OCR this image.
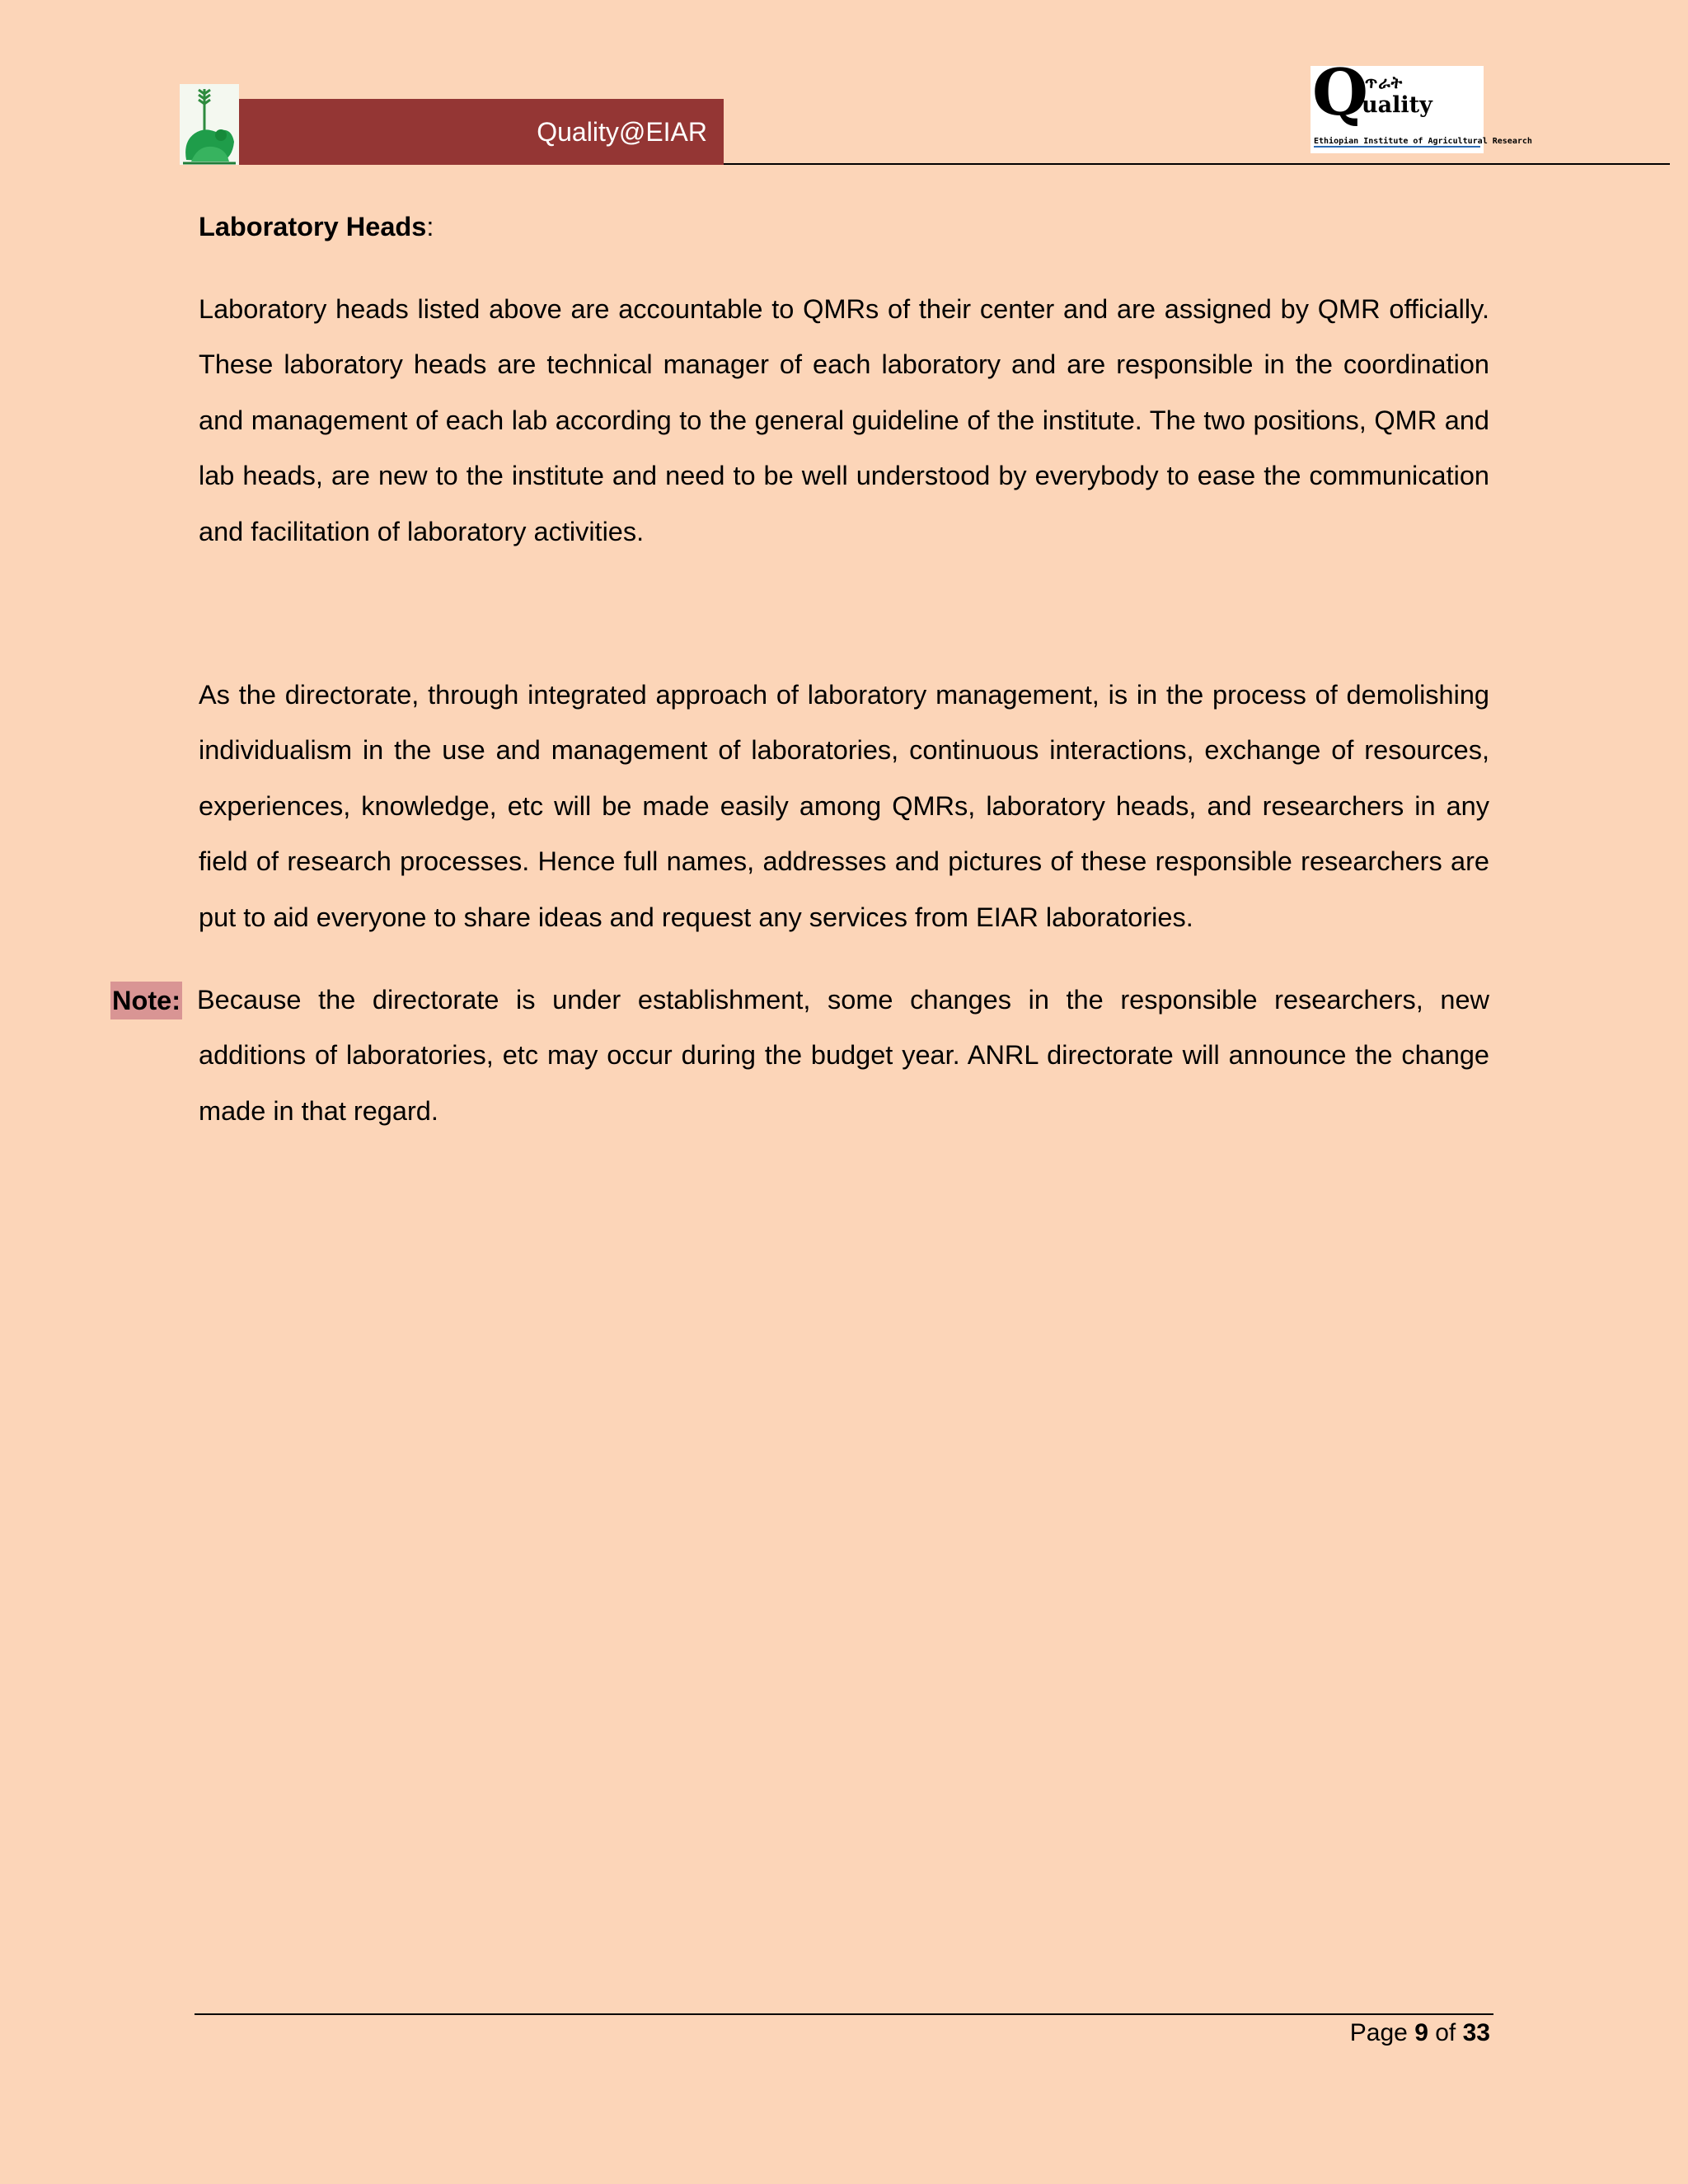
Quality@EIAR
Q
ጥራት
uality
Ethiopian Institute of Agricultural Research

Laboratory Heads:

Laboratory heads listed above are accountable to QMRs of their center and are assigned by QMR officially. These laboratory heads are technical manager of each laboratory and are responsible in the coordination and management of each lab according to the general guideline of the institute. The two positions, QMR and lab heads, are new to the institute and need to be well understood by everybody to ease the communication and facilitation of laboratory activities.

As the directorate, through integrated approach of laboratory management, is in the process of demolishing individualism in the use and management of laboratories, continuous interactions, exchange of resources, experiences, knowledge, etc will be made easily among QMRs, laboratory heads, and researchers in any field of research processes. Hence full names, addresses and pictures of these responsible researchers are put to aid everyone to share ideas and request any services from EIAR laboratories.

Note: Because the directorate is under establishment, some changes in the responsible researchers, new additions of laboratories, etc may occur during the budget year. ANRL directorate will announce the change made in that regard.

Page 9 of 33
